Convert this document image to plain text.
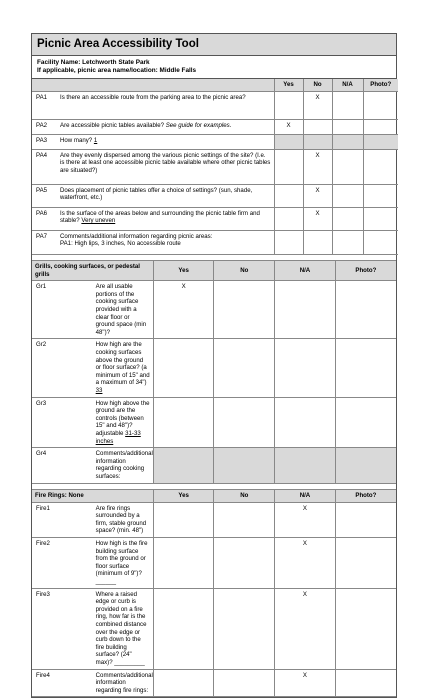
Picnic Area Accessibility Tool
Facility Name: Letchworth State Park
If applicable, picnic area name/location: Middle Falls
		Yes	No	N/A	Photo?
PA1	Is there an accessible route from the parking area to the picnic area?		X		
PA2	Are accessible picnic tables available? See guide for examples.	X			
PA3	How many? 1				
PA4	Are they evenly dispersed among the various picnic settings of the site? (I.e. is there at least one accessible picnic table available where other picnic tables are situated?)		X		
PA5	Does placement of picnic tables offer a choice of settings? (sun, shade, waterfront, etc.)		X		
PA6	Is the surface of the areas below and surrounding the picnic table firm and stable? Very uneven		X		
PA7	Comments/additional information regarding picnic areas:
PA1: High lips, 3 inches, No accessible route				

Grills, cooking surfaces, or pedestal grills		Yes	No	N/A	Photo?
Gr1	Are all usable portions of the cooking surface provided with a clear floor or ground space (min 48")?	X			
Gr2	How high are the cooking surfaces above the ground or floor surface? (a minimum of 15" and a maximum of 34") 33				
Gr3	How high above the ground are the controls (between 15" and 48")? adjustable 31-33 inches				
Gr4	Comments/additional information regarding cooking surfaces:				

Fire Rings: None		Yes	No	N/A	Photo?
Fire1	Are fire rings surrounded by a firm, stable ground space? (min. 48")			X	
Fire2	How high is the fire building surface from the ground or floor surface (minimum of 9")? ______			X	
Fire3	Where a raised edge or curb is provided on a fire ring, how far is the combined distance over the edge or curb down to the fire building surface? (24" max)? _________			X	
Fire4	Comments/additional information regarding fire rings:			X	
